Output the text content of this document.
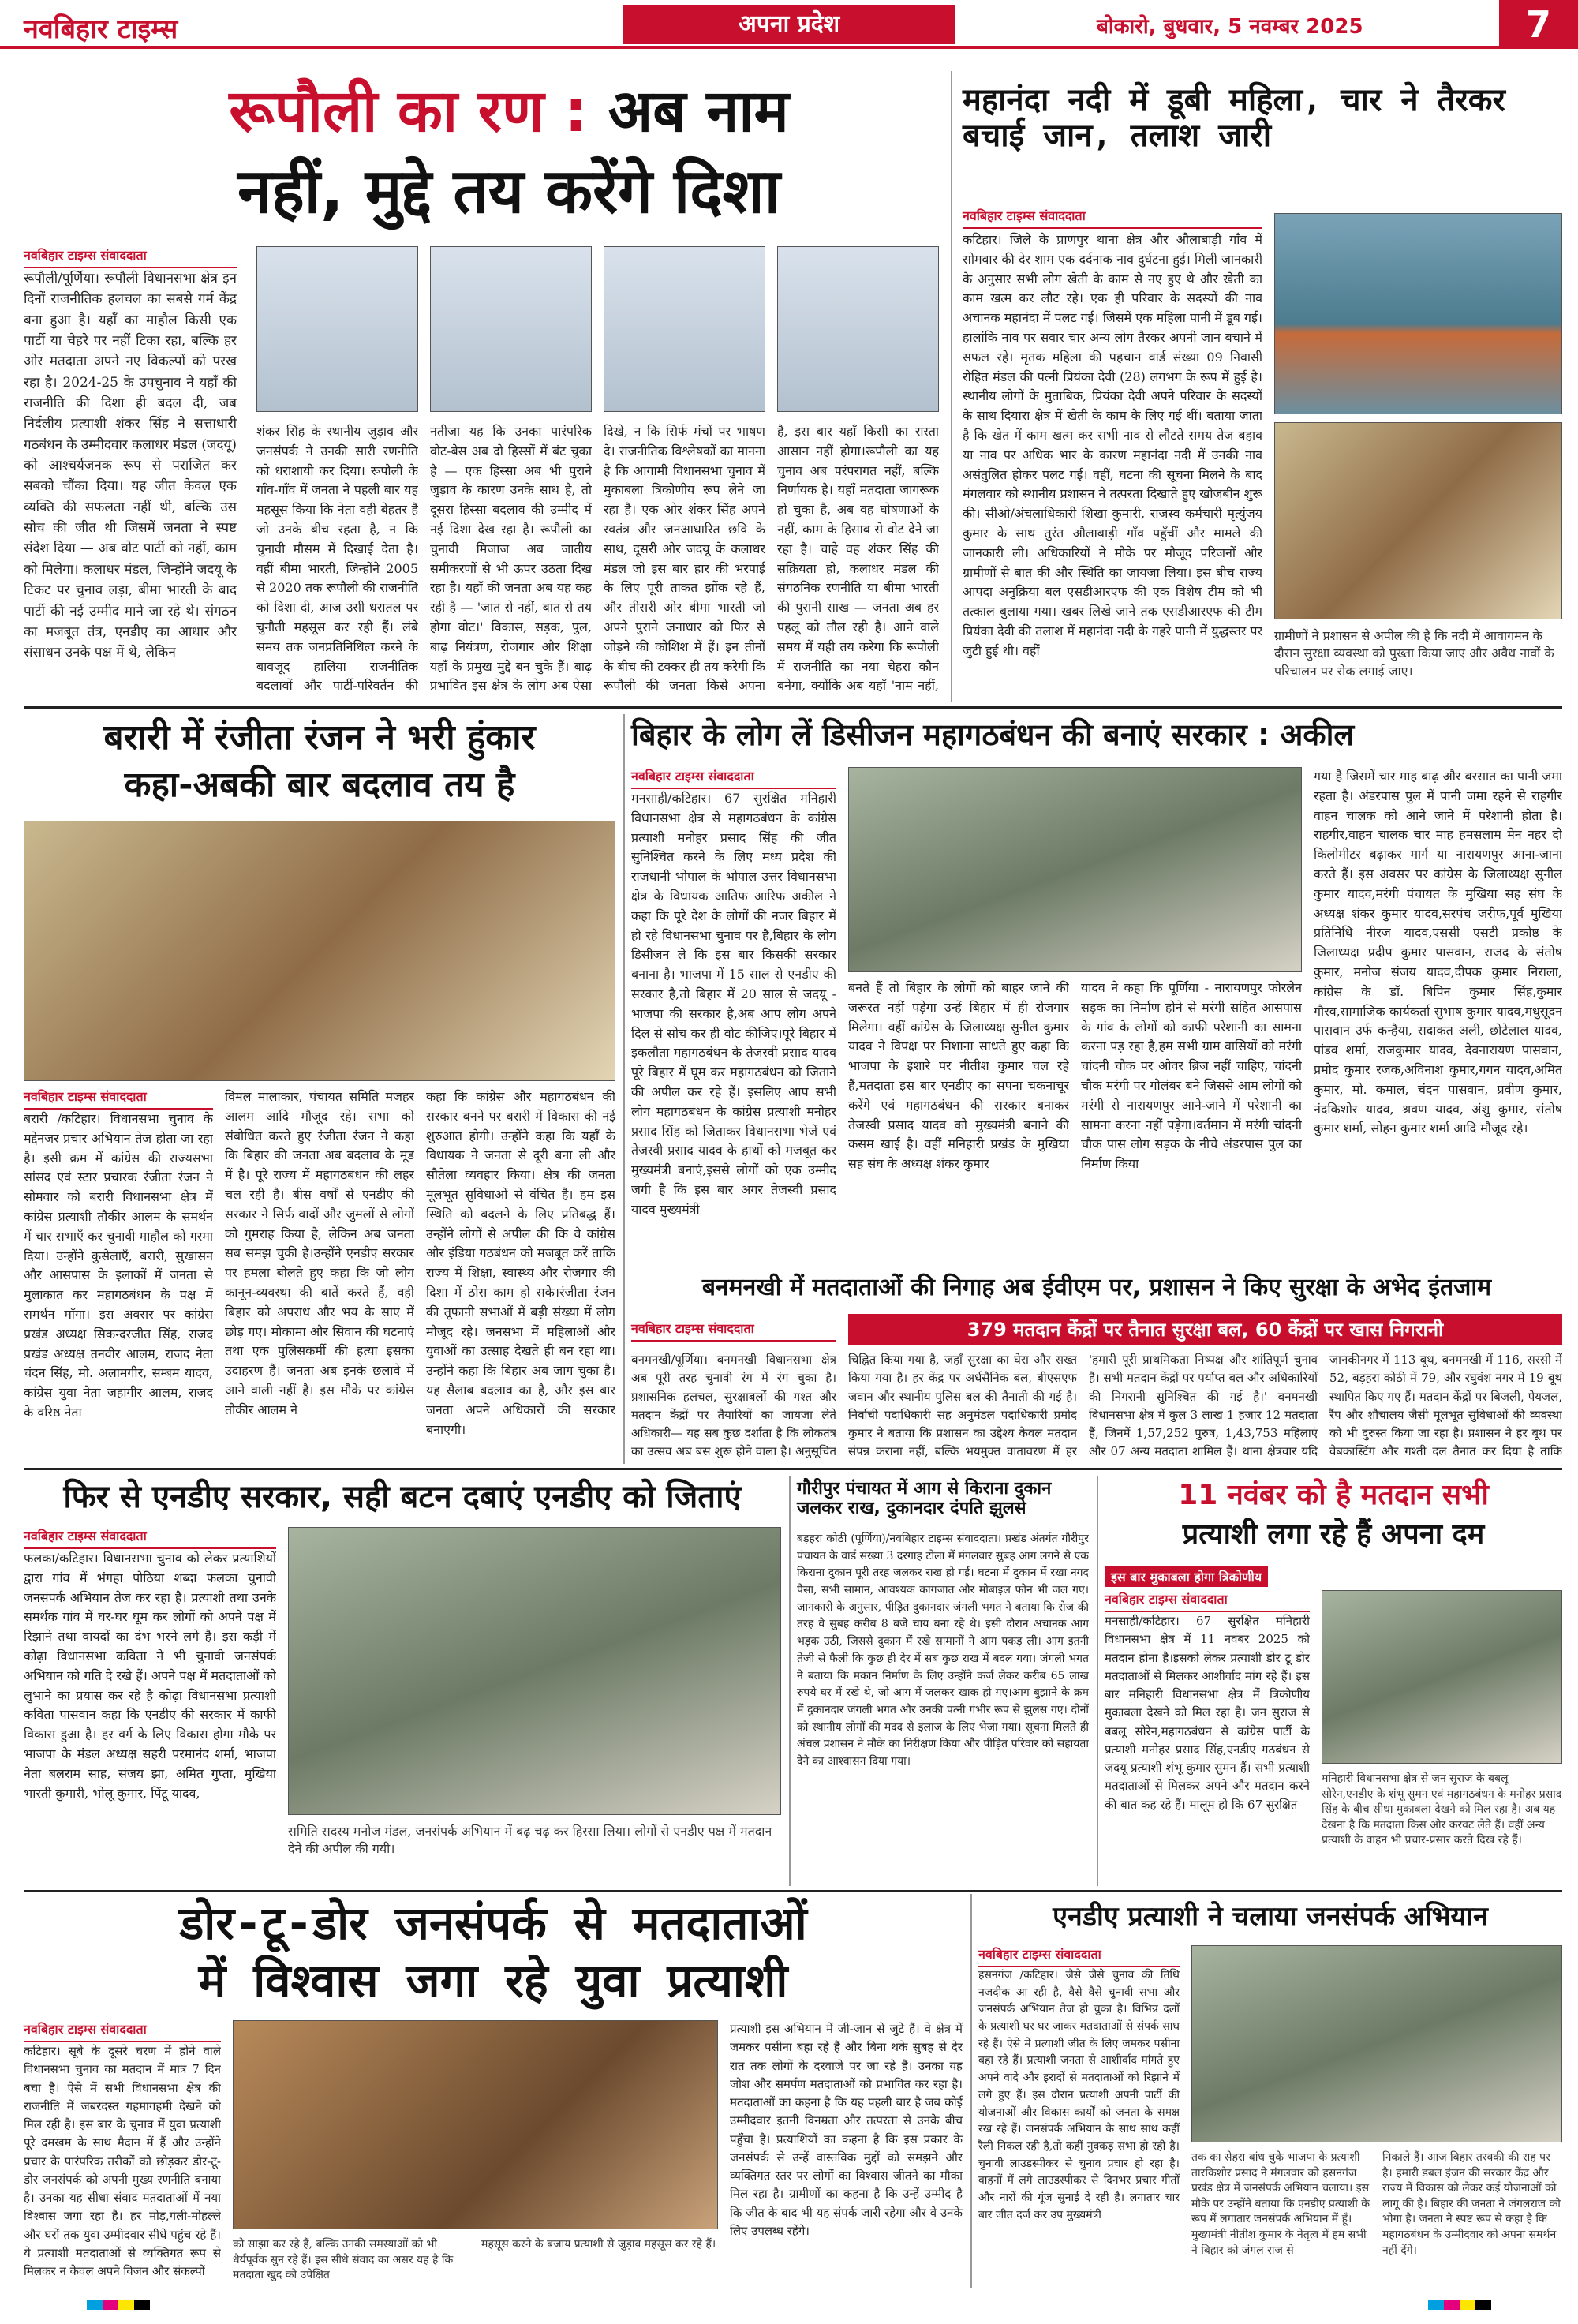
नवबिहार टाइम्स	अपना प्रदेश	बोकारो, बुधवार, 5 नवम्बर 2025	7
रूपौली का रण : अब नाम
नहीं, मुद्दे तय करेंगे दिशा
नवबिहार टाइम्स संवाददाता
रूपौली/पूर्णिया। रूपौली विधानसभा क्षेत्र इन दिनों राजनीतिक हलचल का सबसे गर्म केंद्र बना हुआ है। यहाँ का माहौल किसी एक पार्टी या चेहरे पर नहीं टिका रहा, बल्कि हर ओर मतदाता अपने नए विकल्पों को परख रहा है। 2024-25 के उपचुनाव ने यहाँ की राजनीति की दिशा ही बदल दी, जब निर्दलीय प्रत्याशी शंकर सिंह ने सत्ताधारी गठबंधन के उम्मीदवार कलाधर मंडल (जदयू) को आश्चर्यजनक रूप से पराजित कर सबको चौंका दिया। यह जीत केवल एक व्यक्ति की सफलता नहीं थी, बल्कि उस सोच की जीत थी जिसमें जनता ने स्पष्ट संदेश दिया — अब वोट पार्टी को नहीं, काम को मिलेगा। कलाधर मंडल, जिन्होंने जदयू के टिकट पर चुनाव लड़ा, बीमा भारती के बाद पार्टी की नई उम्मीद माने जा रहे थे। संगठन का मजबूत तंत्र, एनडीए का आधार और संसाधन उनके पक्ष में थे, लेकिन
शंकर सिंह के स्थानीय जुड़ाव और जनसंपर्क ने उनकी सारी रणनीति को धराशायी कर दिया। रूपौली के गाँव-गाँव में जनता ने पहली बार यह महसूस किया कि नेता वही बेहतर है जो उनके बीच रहता है, न कि चुनावी मौसम में दिखाई देता है। वहीं बीमा भारती, जिन्होंने 2005 से 2020 तक रूपौली की राजनीति को दिशा दी, आज उसी धरातल पर चुनौती महसूस कर रही हैं। लंबे समय तक जनप्रतिनिधित्व करने के बावजूद हालिया राजनीतिक बदलावों और पार्टी-परिवर्तन की
नतीजा यह कि उनका पारंपरिक वोट-बेस अब दो हिस्सों में बंट चुका है — एक हिस्सा अब भी पुराने जुड़ाव के कारण उनके साथ है, तो दूसरा हिस्सा बदलाव की उम्मीद में नई दिशा देख रहा है। रूपौली का चुनावी मिजाज अब जातीय समीकरणों से भी ऊपर उठता दिख रहा है। यहाँ की जनता अब यह कह रही है — 'जात से नहीं, बात से तय होगा वोट।' विकास, सड़क, पुल, बाढ़ नियंत्रण, रोजगार और शिक्षा यहाँ के प्रमुख मुद्दे बन चुके हैं। बाढ़ प्रभावित इस क्षेत्र के लोग अब ऐसा
दिखे, न कि सिर्फ मंचों पर भाषण दे। राजनीतिक विश्लेषकों का मानना है कि आगामी विधानसभा चुनाव में मुकाबला त्रिकोणीय रूप लेने जा रहा है। एक ओर शंकर सिंह अपने स्वतंत्र और जनआधारित छवि के साथ, दूसरी ओर जदयू के कलाधर मंडल जो इस बार हार की भरपाई के लिए पूरी ताकत झोंक रहे हैं, और तीसरी ओर बीमा भारती जो अपने पुराने जनाधार को फिर से जोड़ने की कोशिश में हैं। इन तीनों के बीच की टक्कर ही तय करेगी कि रूपौली की जनता किसे अपना
है, इस बार यहाँ किसी का रास्ता आसान नहीं होगा।रूपौली का यह चुनाव अब परंपरागत नहीं, बल्कि निर्णायक है। यहाँ मतदाता जागरूक हो चुका है, अब वह घोषणाओं के नहीं, काम के हिसाब से वोट देने जा रहा है। चाहे वह शंकर सिंह की सक्रियता हो, कलाधर मंडल की संगठनिक रणनीति या बीमा भारती की पुरानी साख — जनता अब हर पहलू को तौल रही है। आने वाले समय में यही तय करेगा कि रूपौली में राजनीति का नया चेहरा कौन बनेगा, क्योंकि अब यहाँ 'नाम नहीं,
महानंदा नदी में डूबी महिला, चार ने तैरकर बचाई जान, तलाश जारी
नवबिहार टाइम्स संवाददाता
कटिहार। जिले के प्राणपुर थाना क्षेत्र और औलाबाड़ी गाँव में सोमवार की देर शाम एक दर्दनाक नाव दुर्घटना हुई। मिली जानकारी के अनुसार सभी लोग खेती के काम से नए हुए थे और खेती का काम खत्म कर लौट रहे। एक ही परिवार के सदस्यों की नाव अचानक महानंदा में पलट गई। जिसमें एक महिला पानी में डूब गई। हालांकि नाव पर सवार चार अन्य लोग तैरकर अपनी जान बचाने में सफल रहे। मृतक महिला की पहचान वार्ड संख्या 09 निवासी रोहित मंडल की पत्नी प्रियंका देवी (28) लगभग के रूप में हुई है। स्थानीय लोगों के मुताबिक, प्रियंका देवी अपने परिवार के सदस्यों के साथ दियारा क्षेत्र में खेती के काम के लिए गई थीं। बताया जाता है कि खेत में काम खत्म कर सभी नाव से लौटते समय तेज बहाव या नाव पर अधिक भार के कारण महानंदा नदी में उनकी नाव असंतुलित होकर पलट गई। वहीं, घटना की सूचना मिलने के बाद मंगलवार को स्थानीय प्रशासन ने तत्परता दिखाते हुए खोजबीन शुरू की। सीओ/अंचलाधिकारी शिखा कुमारी, राजस्व कर्मचारी मृत्युंजय कुमार के साथ तुरंत औलाबाड़ी गाँव पहुँचीं और मामले की जानकारी ली। अधिकारियों ने मौके पर मौजूद परिजनों और ग्रामीणों से बात की और स्थिति का जायजा लिया। इस बीच राज्य आपदा अनुक्रिया बल एसडीआरएफ की एक विशेष टीम को भी तत्काल बुलाया गया। खबर लिखे जाने तक एसडीआरएफ की टीम प्रियंका देवी की तलाश में महानंदा नदी के गहरे पानी में युद्धस्तर पर जुटी हुई थी। वहीं
ग्रामीणों ने प्रशासन से अपील की है कि नदी में आवागमन के दौरान सुरक्षा व्यवस्था को पुख्ता किया जाए और अवैध नावों के परिचालन पर रोक लगाई जाए।
बरारी में रंजीता रंजन ने भरी हुंकार
कहा-अबकी बार बदलाव तय है
नवबिहार टाइम्स संवाददाता
बरारी /कटिहार। विधानसभा चुनाव के मद्देनजर प्रचार अभियान तेज होता जा रहा है। इसी क्रम में कांग्रेस की राज्यसभा सांसद एवं स्टार प्रचारक रंजीता रंजन ने सोमवार को बरारी विधानसभा क्षेत्र में कांग्रेस प्रत्याशी तौकीर आलम के समर्थन में चार सभाएँ कर चुनावी माहौल को गरमा दिया। उन्होंने कुसेलाएँ, बरारी, सुखासन और आसपास के इलाकों में जनता से मुलाकात कर महागठबंधन के पक्ष में समर्थन माँगा। इस अवसर पर कांग्रेस प्रखंड अध्यक्ष सिकन्दरजीत सिंह, राजद प्रखंड अध्यक्ष तनवीर आलम, राजद नेता चंदन सिंह, मो. अलामगीर, सम्बम यादव, कांग्रेस युवा नेता जहांगीर आलम, राजद के वरिष्ठ नेता
विमल मालाकार, पंचायत समिति मजहर आलम आदि मौजूद रहे। सभा को संबोधित करते हुए रंजीता रंजन ने कहा कि बिहार की जनता अब बदलाव के मूड में है। पूरे राज्य में महागठबंधन की लहर चल रही है। बीस वर्षों से एनडीए की सरकार ने सिर्फ वादों और जुमलों से लोगों को गुमराह किया है, लेकिन अब जनता सब समझ चुकी है।उन्होंने एनडीए सरकार पर हमला बोलते हुए कहा कि जो लोग कानून-व्यवस्था की बातें करते हैं, वही बिहार को अपराध और भय के साए में छोड़ गए। मोकामा और सिवान की घटनाएं तथा एक पुलिसकर्मी की हत्या इसका उदाहरण हैं। जनता अब इनके छलावे में आने वाली नहीं है। इस मौके पर कांग्रेस तौकीर आलम ने
कहा कि कांग्रेस और महागठबंधन की सरकार बनने पर बरारी में विकास की नई शुरुआत होगी। उन्होंने कहा कि यहाँ के विधायक ने जनता से दूरी बना ली और सौतेला व्यवहार किया। क्षेत्र की जनता मूलभूत सुविधाओं से वंचित है। हम इस स्थिति को बदलने के लिए प्रतिबद्ध हैं। उन्होंने लोगों से अपील की कि वे कांग्रेस और इंडिया गठबंधन को मजबूत करें ताकि राज्य में शिक्षा, स्वास्थ्य और रोजगार की दिशा में ठोस काम हो सके।रंजीता रंजन की तूफानी सभाओं में बड़ी संख्या में लोग मौजूद रहे। जनसभा में महिलाओं और युवाओं का उत्साह देखते ही बन रहा था। उन्होंने कहा कि बिहार अब जाग चुका है।यह सैलाब बदलाव का है, और इस बार जनता अपने अधिकारों की सरकार बनाएगी।
बिहार के लोग लें डिसीजन महागठबंधन की बनाएं सरकार : अकील
नवबिहार टाइम्स संवाददाता
मनसाही/कटिहार। 67 सुरक्षित मनिहारी विधानसभा क्षेत्र से महागठबंधन के कांग्रेस प्रत्याशी मनोहर प्रसाद सिंह की जीत सुनिश्चित करने के लिए मध्य प्रदेश की राजधानी भोपाल के भोपाल उत्तर विधानसभा क्षेत्र के विधायक आतिफ आरिफ अकील ने कहा कि पूरे देश के लोगों की नजर बिहार में हो रहे विधानसभा चुनाव पर है,बिहार के लोग डिसीजन ले कि इस बार किसकी सरकार बनाना है। भाजपा में 15 साल से एनडीए की सरकार है,तो बिहार में 20 साल से जदयू - भाजपा की सरकार है,अब आप लोग अपने दिल से सोच कर ही वोट कीजिए।पूरे बिहार में इकलौता महागठबंधन के तेजस्वी प्रसाद यादव पूरे बिहार में घूम कर महागठबंधन को जिताने की अपील कर रहे हैं। इसलिए आप सभी लोग महागठबंधन के कांग्रेस प्रत्याशी मनोहर प्रसाद सिंह को जिताकर विधानसभा भेजें एवं तेजस्वी प्रसाद यादव के हाथों को मजबूत कर मुख्यमंत्री बनाएं,इससे लोगों को एक उम्मीद जगी है कि इस बार अगर तेजस्वी प्रसाद यादव मुख्यमंत्री
बनते हैं तो बिहार के लोगों को बाहर जाने की जरूरत नहीं पड़ेगा उन्हें बिहार में ही रोजगार मिलेगा। वहीं कांग्रेस के जिलाध्यक्ष सुनील कुमार यादव ने विपक्ष पर निशाना साधते हुए कहा कि भाजपा के इशारे पर नीतीश कुमार चल रहे हैं,मतदाता इस बार एनडीए का सपना चकनाचूर करेंगे एवं महागठबंधन की सरकार बनाकर तेजस्वी प्रसाद यादव को मुख्यमंत्री बनाने की कसम खाई है। वहीं मनिहारी प्रखंड के मुखिया सह संघ के अध्यक्ष शंकर कुमार
यादव ने कहा कि पूर्णिया - नारायणपुर फोरलेन सड़क का निर्माण होने से मरंगी सहित आसपास के गांव के लोगों को काफी परेशानी का सामना करना पड़ रहा है,हम सभी ग्राम वासियों को मरंगी चांदनी चौक पर ओवर ब्रिज नहीं चाहिए, चांदनी चौक मरंगी पर गोलंबर बने जिससे आम लोगों को मरंगी से नारायणपुर आने-जाने में परेशानी का सामना करना नहीं पड़ेगा।वर्तमान में मरंगी चांदनी चौक पास लोग सड़क के नीचे अंडरपास पुल का निर्माण किया
गया है जिसमें चार माह बाढ़ और बरसात का पानी जमा रहता है। अंडरपास पुल में पानी जमा रहने से राहगीर वाहन चालक को आने जाने में परेशानी होता है।राहगीर,वाहन चालक चार माह हमसलाम मेन नहर दो किलोमीटर बढ़ाकर मार्ग या नारायणपुर आना-जाना करते हैं। इस अवसर पर कांग्रेस के जिलाध्यक्ष सुनील कुमार यादव,मरंगी पंचायत के मुखिया सह संघ के अध्यक्ष शंकर कुमार यादव,सरपंच जरीफ,पूर्व मुखिया प्रतिनिधि नीरज यादव,एससी एसटी प्रकोष्ठ के जिलाध्यक्ष प्रदीप कुमार पासवान, राजद के संतोष कुमार, मनोज संजय यादव,दीपक कुमार निराला, कांग्रेस के डॉ. बिपिन कुमार सिंह,कुमार गौरव,सामाजिक कार्यकर्ता सुभाष कुमार यादव,मधुसूदन पासवान उर्फ कन्हैया, सदाकत अली, छोटेलाल यादव, पांडव शर्मा, राजकुमार यादव, देवनारायण पासवान, प्रमोद कुमार रजक,अविनाश कुमार,गगन यादव,अमित कुमार, मो. कमाल, चंदन पासवान, प्रवीण कुमार, नंदकिशोर यादव, श्रवण यादव, अंशु कुमार, संतोष कुमार शर्मा, सोहन कुमार शर्मा आदि मौजूद रहे।
बनमनखी में मतदाताओं की निगाह अब ईवीएम पर, प्रशासन ने किए सुरक्षा के अभेद इंतजाम
379 मतदान केंद्रों पर तैनात सुरक्षा बल, 60 केंद्रों पर खास निगरानी
नवबिहार टाइम्स संवाददाता
बनमनखी/पूर्णिया। बनमनखी विधानसभा क्षेत्र अब पूरी तरह चुनावी रंग में रंग चुका है। प्रशासनिक हलचल, सुरक्षाबलों की गश्त और मतदान केंद्रों पर तैयारियों का जायजा लेते अधिकारी— यह सब कुछ दर्शाता है कि लोकतंत्र का उत्सव अब बस शुरू होने वाला है। अनुसूचित
चिह्नित किया गया है, जहाँ सुरक्षा का घेरा और सख्त किया गया है। हर केंद्र पर अर्धसैनिक बल, बीएसएफ जवान और स्थानीय पुलिस बल की तैनाती की गई है। निर्वाची पदाधिकारी सह अनुमंडल पदाधिकारी प्रमोद कुमार ने बताया कि प्रशासन का उद्देश्य केवल मतदान संपन्न कराना नहीं, बल्कि भयमुक्त वातावरण में हर
'हमारी पूरी प्राथमिकता निष्पक्ष और शांतिपूर्ण चुनाव है। सभी मतदान केंद्रों पर पर्याप्त बल और अधिकारियों की निगरानी सुनिश्चित की गई है।' बनमनखी विधानसभा क्षेत्र में कुल 3 लाख 1 हजार 12 मतदाता हैं, जिनमें 1,57,252 पुरुष, 1,43,753 महिलाएं और 07 अन्य मतदाता शामिल हैं। थाना क्षेत्रवार यदि
जानकीनगर में 113 बूथ, बनमनखी में 116, सरसी में 52, बड़हरा कोठी में 79, और रघुवंश नगर में 19 बूथ स्थापित किए गए हैं। मतदान केंद्रों पर बिजली, पेयजल, रैंप और शौचालय जैसी मूलभूत सुविधाओं की व्यवस्था को भी दुरुस्त किया जा रहा है। प्रशासन ने हर बूथ पर वेबकास्टिंग और गश्ती दल तैनात कर दिया है ताकि
फिर से एनडीए सरकार, सही बटन दबाएं एनडीए को जिताएं
नवबिहार टाइम्स संवाददाता
फलका/कटिहार। विधानसभा चुनाव को लेकर प्रत्याशियों द्वारा गांव में भंगहा पोठिया शब्दा फलका चुनावी जनसंपर्क अभियान तेज कर रहा है। प्रत्याशी तथा उनके समर्थक गांव में घर-घर घूम कर लोगों को अपने पक्ष में रिझाने तथा वायदों का दंभ भरने लगे है। इस कड़ी में कोढ़ा विधानसभा कविता ने भी चुनावी जनसंपर्क अभियान को गति दे रखे हैं। अपने पक्ष में मतदाताओं को लुभाने का प्रयास कर रहे है कोढ़ा विधानसभा प्रत्याशी कविता पासवान कहा कि एनडीए की सरकार में काफी विकास हुआ है। हर वर्ग के लिए विकास होगा मौके पर भाजपा के मंडल अध्यक्ष सहरी परमानंद शर्मा, भाजपा नेता बलराम साह, संजय झा, अमित गुप्ता, मुखिया भारती कुमारी, भोलू कुमार, पिंटू यादव,
समिति सदस्य मनोज मंडल, जनसंपर्क अभियान में बढ़ चढ़ कर हिस्सा लिया। लोगों से एनडीए पक्ष में मतदान देने की अपील की गयी।
गौरीपुर पंचायत में आग से किराना दुकान जलकर राख, दुकानदार दंपति झुलसे
बड़हरा कोठी (पूर्णिया)/नवबिहार टाइम्स संवाददाता। प्रखंड अंतर्गत गौरीपुर पंचायत के वार्ड संख्या 3 दरगाह टोला में मंगलवार सुबह आग लगने से एक किराना दुकान पूरी तरह जलकर राख हो गई। घटना में दुकान में रखा नगद पैसा, सभी सामान, आवश्यक कागजात और मोबाइल फोन भी जल गए।जानकारी के अनुसार, पीड़ित दुकानदार जंगली भगत ने बताया कि रोज की तरह वे सुबह करीब 8 बजे चाय बना रहे थे। इसी दौरान अचानक आग भड़क उठी, जिससे दुकान में रखे सामानों ने आग पकड़ ली। आग इतनी तेजी से फैली कि कुछ ही देर में सब कुछ राख में बदल गया। जंगली भगत ने बताया कि मकान निर्माण के लिए उन्होंने कर्ज लेकर करीब 65 लाख रुपये घर में रखे थे, जो आग में जलकर खाक हो गए।आग बुझाने के क्रम में दुकानदार जंगली भगत और उनकी पत्नी गंभीर रूप से झुलस गए। दोनों को स्थानीय लोगों की मदद से इलाज के लिए भेजा गया। सूचना मिलते ही अंचल प्रशासन ने मौके का निरीक्षण किया और पीड़ित परिवार को सहायता देने का आश्वासन दिया गया।
11 नवंबर को है मतदान सभी
प्रत्याशी लगा रहे हैं अपना दम
इस बार मुकाबला होगा त्रिकोणीय
नवबिहार टाइम्स संवाददाता
मनसाही/कटिहार। 67 सुरक्षित मनिहारी विधानसभा क्षेत्र में 11 नवंबर 2025 को मतदान होना है।इसको लेकर प्रत्याशी डोर टू डोर मतदाताओं से मिलकर आशीर्वाद मांग रहे हैं। इस बार मनिहारी विधानसभा क्षेत्र में त्रिकोणीय मुकाबला देखने को मिल रहा है। जन सुराज से बबलू सोरेन,महागठबंधन से कांग्रेस पार्टी के प्रत्याशी मनोहर प्रसाद सिंह,एनडीए गठबंधन से जदयू प्रत्याशी शंभू कुमार सुमन हैं। सभी प्रत्याशी मतदाताओं से मिलकर अपने और मतदान करने की बात कह रहे हैं। मालूम हो कि 67 सुरक्षित
मनिहारी विधानसभा क्षेत्र से जन सुराज के बबलू सोरेन,एनडीए के शंभू सुमन एवं महागठबंधन के मनोहर प्रसाद सिंह के बीच सीधा मुकाबला देखने को मिल रहा है। अब यह देखना है कि मतदाता किस ओर करवट लेते हैं। वहीं अन्य प्रत्याशी के वाहन भी प्रचार-प्रसार करते दिख रहे हैं।
डोर-टू-डोर जनसंपर्क से मतदाताओं
में विश्वास जगा रहे युवा प्रत्याशी
नवबिहार टाइम्स संवाददाता
कटिहार। सूबे के दूसरे चरण में होने वाले विधानसभा चुनाव का मतदान में मात्र 7 दिन बचा है। ऐसे में सभी विधानसभा क्षेत्र की राजनीति में जबरदस्त गहमागहमी देखने को मिल रही है। इस बार के चुनाव में युवा प्रत्याशी पूरे दमखम के साथ मैदान में हैं और उन्होंने प्रचार के पारंपरिक तरीकों को छोड़कर डोर-टू-डोर जनसंपर्क को अपनी मुख्य रणनीति बनाया है। उनका यह सीधा संवाद मतदाताओं में नया विश्वास जगा रहा है। हर मोड़,गली-मोहल्ले और घरों तक युवा उम्मीदवार सीधे पहुंच रहे हैं। ये प्रत्याशी मतदाताओं से व्यक्तिगत रूप से मिलकर न केवल अपने विजन और संकल्पों
को साझा कर रहे हैं, बल्कि उनकी समस्याओं को भी धैर्यपूर्वक सुन रहे हैं। इस सीधे संवाद का असर यह है कि मतदाता खुद को उपेक्षित
महसूस करने के बजाय प्रत्याशी से जुड़ाव महसूस कर रहे हैं।
प्रत्याशी इस अभियान में जी-जान से जुटे हैं। वे क्षेत्र में जमकर पसीना बहा रहे हैं और बिना थके सुबह से देर रात तक लोगों के दरवाजे पर जा रहे हैं। उनका यह जोश और समर्पण मतदाताओं को प्रभावित कर रहा है। मतदाताओं का कहना है कि यह पहली बार है जब कोई उम्मीदवार इतनी विनम्रता और तत्परता से उनके बीच पहुँचा है। प्रत्याशियों का कहना है कि इस प्रकार के जनसंपर्क से उन्हें वास्तविक मुद्दों को समझने और व्यक्तिगत स्तर पर लोगों का विश्वास जीतने का मौका मिल रहा है। ग्रामीणों का कहना है कि उन्हें उम्मीद है कि जीत के बाद भी यह संपर्क जारी रहेगा और वे उनके लिए उपलब्ध रहेंगे।
एनडीए प्रत्याशी ने चलाया जनसंपर्क अभियान
नवबिहार टाइम्स संवाददाता
हसनगंज /कटिहार। जैसे जैसे चुनाव की तिथि नजदीक आ रही है, वैसे वैसे चुनावी सभा और जनसंपर्क अभियान तेज हो चुका है। विभिन्न दलों के प्रत्याशी घर घर जाकर मतदाताओं से संपर्क साध रहे हैं। ऐसे में प्रत्याशी जीत के लिए जमकर पसीना बहा रहे हैं। प्रत्याशी जनता से आशीर्वाद मांगते हुए अपने वादे और इरादों से मतदाताओं को रिझाने में लगे हुए हैं। इस दौरान प्रत्याशी अपनी पार्टी की योजनाओं और विकास कार्यों को जनता के समक्ष रख रहे हैं। जनसंपर्क अभियान के साथ साथ कहीं रैली निकल रही है,तो कहीं नुक्कड़ सभा हो रही है। चुनावी लाउडस्पीकर से चुनाव प्रचार हो रहा है। वाहनों में लगे लाउडस्पीकर से दिनभर प्रचार गीतों और नारों की गूंज सुनाई दे रही है। लगातार चार बार जीत दर्ज कर उप मुख्यमंत्री
तक का सेहरा बांध चुके भाजपा के प्रत्याशी तारकिशोर प्रसाद ने मंगलवार को हसनगंज प्रखंड क्षेत्र में जनसंपर्क अभियान चलाया। इस मौके पर उन्होंने बताया कि एनडीए प्रत्याशी के रूप में लगातार जनसंपर्क अभियान में हूँ। मुख्यमंत्री नीतीश कुमार के नेतृत्व में हम सभी ने बिहार को जंगल राज से
निकाले हैं। आज बिहार तरक्की की राह पर है। हमारी डबल इंजन की सरकार केंद्र और राज्य में विकास को लेकर कई योजनाओं को लागू की है। बिहार की जनता ने जंगलराज को भोगा है। जनता ने स्पष्ट रूप से कहा है कि महागठबंधन के उम्मीदवार को अपना समर्थन नहीं देंगे।
